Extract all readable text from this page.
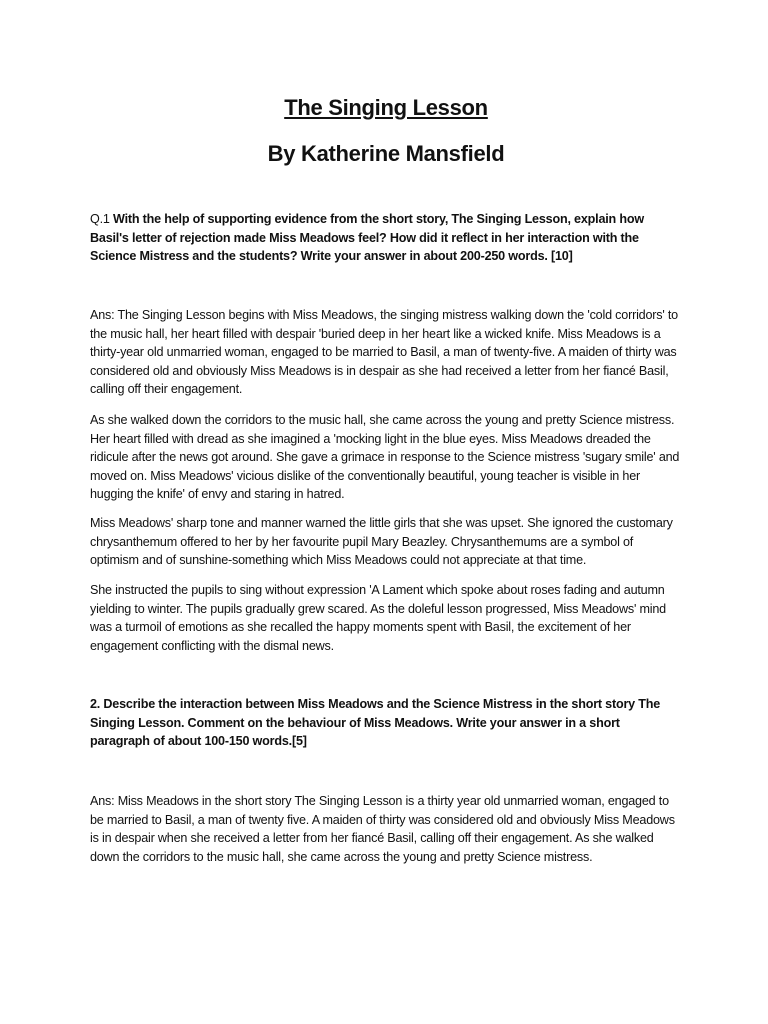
The Singing Lesson
By Katherine Mansfield

Q.1 With the help of supporting evidence from the short story, The Singing Lesson, explain how Basil's letter of rejection made Miss Meadows feel? How did it reflect in her interaction with the Science Mistress and the students? Write your answer in about 200-250 words. [10]

Ans: The Singing Lesson begins with Miss Meadows, the singing mistress walking down the 'cold corridors' to the music hall, her heart filled with despair 'buried deep in her heart like a wicked knife. Miss Meadows is a thirty-year old unmarried woman, engaged to be married to Basil, a man of twenty-five. A maiden of thirty was considered old and obviously Miss Meadows is in despair as she had received a letter from her fiancé Basil, calling off their engagement.

As she walked down the corridors to the music hall, she came across the young and pretty Science mistress. Her heart filled with dread as she imagined a 'mocking light in the blue eyes. Miss Meadows dreaded the ridicule after the news got around. She gave a grimace in response to the Science mistress 'sugary smile' and moved on. Miss Meadows' vicious dislike of the conventionally beautiful, young teacher is visible in her hugging the knife' of envy and staring in hatred.

Miss Meadows' sharp tone and manner warned the little girls that she was upset. She ignored the customary chrysanthemum offered to her by her favourite pupil Mary Beazley. Chrysanthemums are a symbol of optimism and of sunshine-something which Miss Meadows could not appreciate at that time.

She instructed the pupils to sing without expression 'A Lament which spoke about roses fading and autumn yielding to winter. The pupils gradually grew scared. As the doleful lesson progressed, Miss Meadows' mind was a turmoil of emotions as she recalled the happy moments spent with Basil, the excitement of her engagement conflicting with the dismal news.

2. Describe the interaction between Miss Meadows and the Science Mistress in the short story The Singing Lesson. Comment on the behaviour of Miss Meadows. Write your answer in a short paragraph of about 100-150 words.[5]

Ans: Miss Meadows in the short story The Singing Lesson is a thirty year old unmarried woman, engaged to be married to Basil, a man of twenty five. A maiden of thirty was considered old and obviously Miss Meadows is in despair when she received a letter from her fiancé Basil, calling off their engagement. As she walked down the corridors to the music hall, she came across the young and pretty Science mistress.
